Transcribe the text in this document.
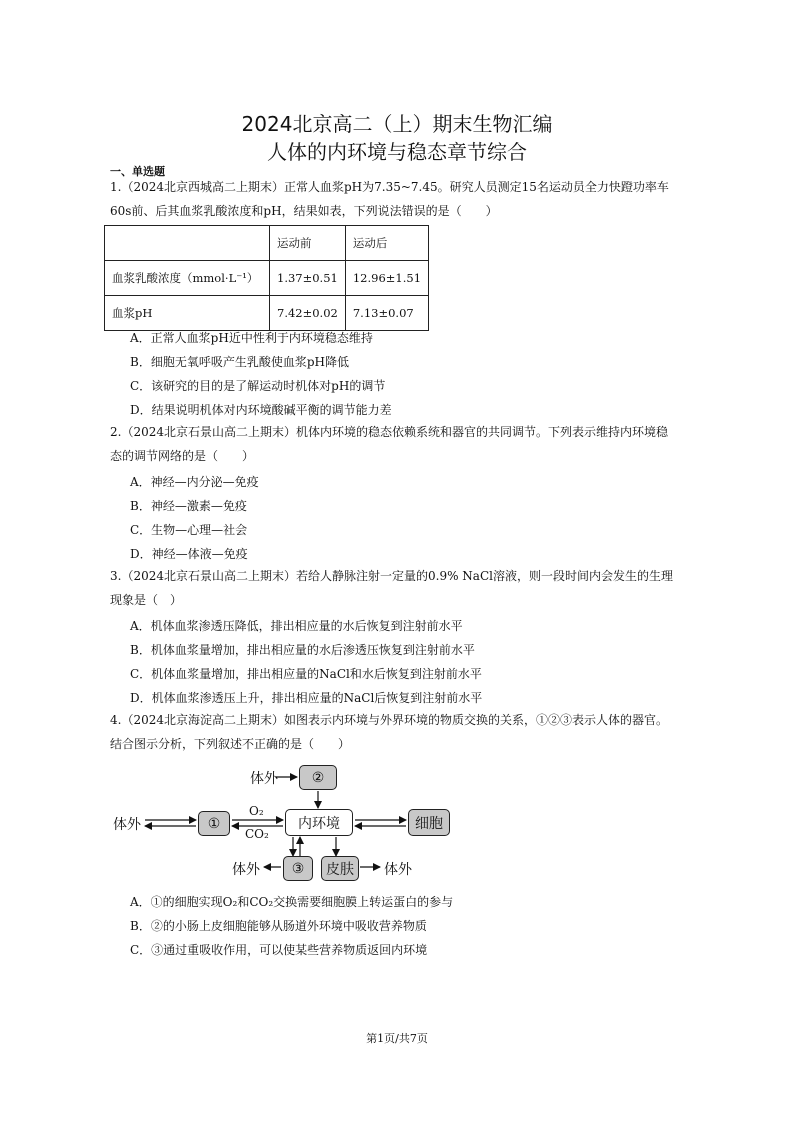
2024北京高二（上）期末生物汇编
人体的内环境与稳态章节综合
一、单选题
1.（2024北京西城高二上期末）正常人血浆pH为7.35~7.45。研究人员测定15名运动员全力快蹬功率车
60s前、后其血浆乳酸浓度和pH，结果如表，下列说法错误的是（　　）
	运动前	运动后
血浆乳酸浓度（mmol·L⁻¹）	1.37±0.51	12.96±1.51
血浆pH	7.42±0.02	7.13±0.07
A．正常人血浆pH近中性利于内环境稳态维持
B．细胞无氧呼吸产生乳酸使血浆pH降低
C．该研究的目的是了解运动时机体对pH的调节
D．结果说明机体对内环境酸碱平衡的调节能力差
2.（2024北京石景山高二上期末）机体内环境的稳态依赖系统和器官的共同调节。下列表示维持内环境稳
态的调节网络的是（　　）
A．神经—内分泌—免疫
B．神经—激素—免疫
C．生物—心理—社会
D．神经—体液—免疫
3.（2024北京石景山高二上期末）若给人静脉注射一定量的0.9% NaCl溶液，则一段时间内会发生的生理
现象是（　）
A．机体血浆渗透压降低，排出相应量的水后恢复到注射前水平
B．机体血浆量增加，排出相应量的水后渗透压恢复到注射前水平
C．机体血浆量增加，排出相应量的NaCl和水后恢复到注射前水平
D．机体血浆渗透压上升，排出相应量的NaCl后恢复到注射前水平
4.（2024北京海淀高二上期末）如图表示内环境与外界环境的物质交换的关系，①②③表示人体的器官。
结合图示分析，下列叙述不正确的是（　　）
体外	②
体外	①
O₂
CO₂
内环境	细胞
体外	③	皮肤	体外
A．①的细胞实现O₂和CO₂交换需要细胞膜上转运蛋白的参与
B．②的小肠上皮细胞能够从肠道外环境中吸收营养物质
C．③通过重吸收作用，可以使某些营养物质返回内环境
第1页/共7页
